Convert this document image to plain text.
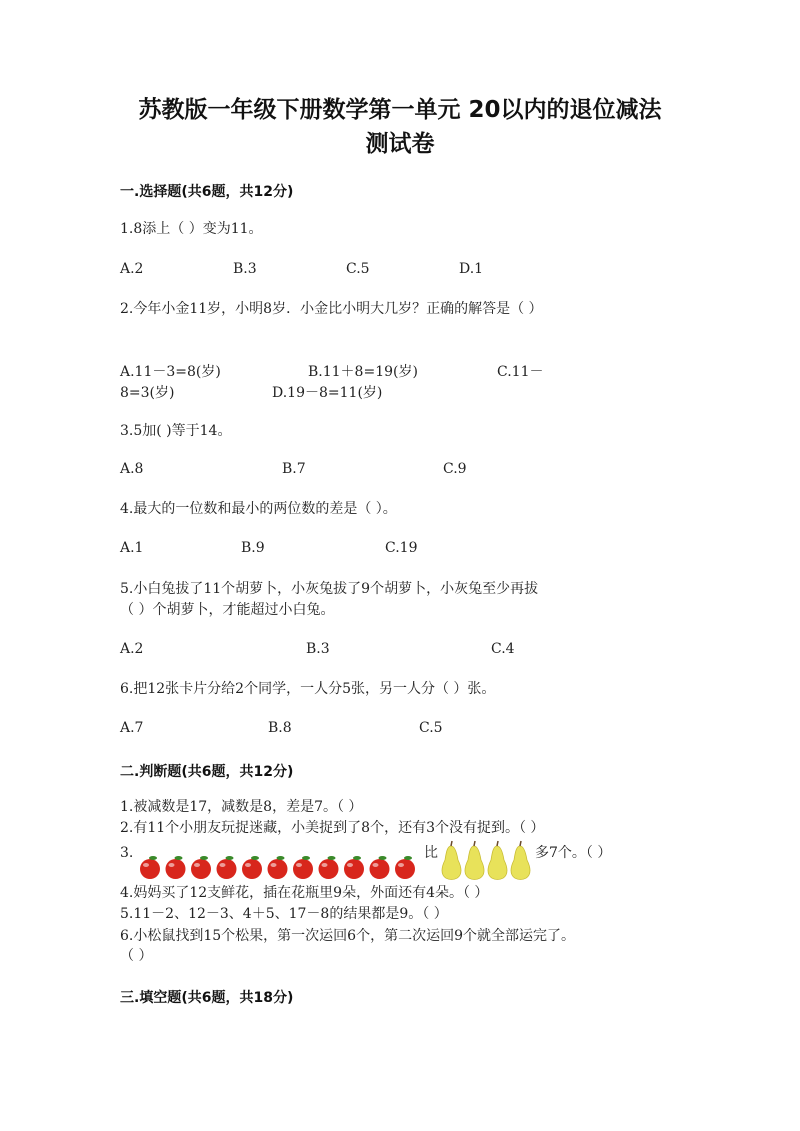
苏教版一年级下册数学第一单元 20以内的退位减法
测试卷
一.选择题(共6题，共12分)
1.8添上（ ）变为11。
A.2	B.3	C.5	D.1
2.今年小金11岁，小明8岁．小金比小明大几岁？正确的解答是（ ）
A.11－3=8(岁)	B.11＋8=19(岁)	C.11－
8=3(岁)	D.19－8=11(岁)
3.5加( )等于14。
A.8	B.7	C.9
4.最大的一位数和最小的两位数的差是（ ）。
A.1	B.9	C.19
5.小白兔拔了11个胡萝卜，小灰兔拔了9个胡萝卜，小灰兔至少再拔
（ ）个胡萝卜，才能超过小白兔。
A.2	B.3	C.4
6.把12张卡片分给2个同学，一人分5张，另一人分（ ）张。
A.7	B.8	C.5
二.判断题(共6题，共12分)
1.被减数是17，减数是8，差是7。（ ）
2.有11个小朋友玩捉迷藏，小美捉到了8个，还有3个没有捉到。（ ）
3.	比	多7个。（ ）
4.妈妈买了12支鲜花，插在花瓶里9朵，外面还有4朵。（ ）
5.11－2、12－3、4＋5、17－8的结果都是9。（ ）
6.小松鼠找到15个松果，第一次运回6个，第二次运回9个就全部运完了。
（ ）
三.填空题(共6题，共18分)
